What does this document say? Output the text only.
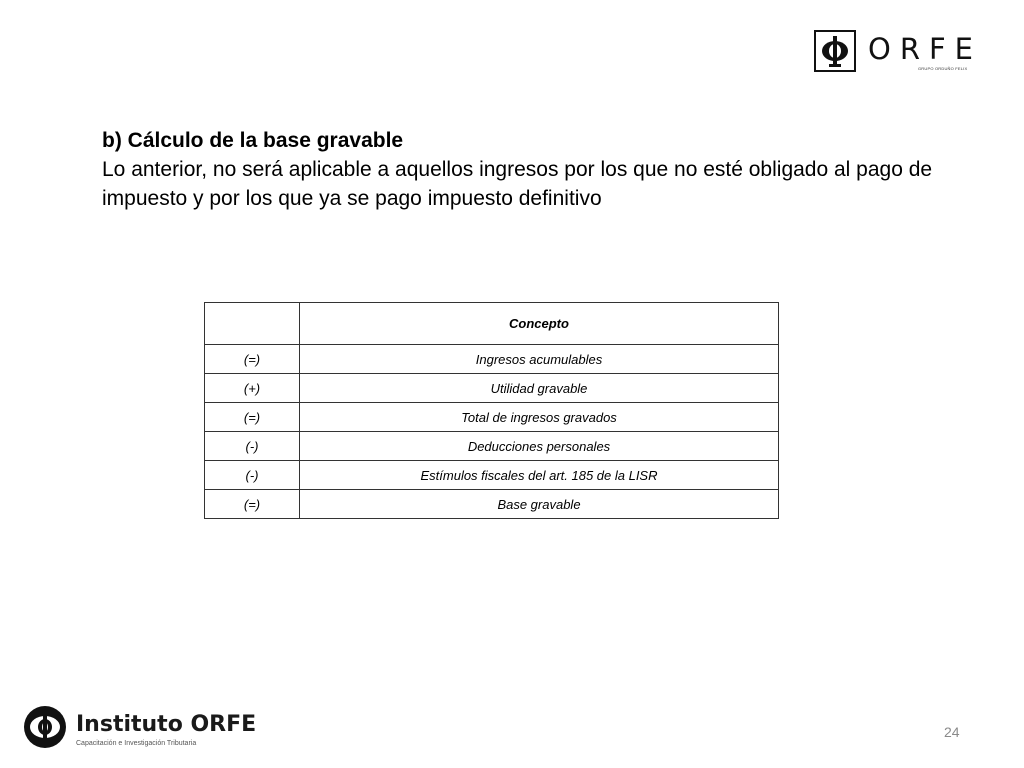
ORFE
GRUPO ORDUÑO FELIX
b) Cálculo de la base gravable
Lo anterior, no será aplicable a aquellos ingresos por los que no esté obligado al pago de impuesto y por los que ya se pago impuesto definitivo
	Concepto
(=)	Ingresos acumulables
(+)	Utilidad gravable
(=)	Total de ingresos gravados
(-)	Deducciones personales
(-)	Estímulos fiscales del art. 185 de la LISR
(=)	Base gravable
Instituto ORFE
Capacitación e Investigación Tributaria
24
